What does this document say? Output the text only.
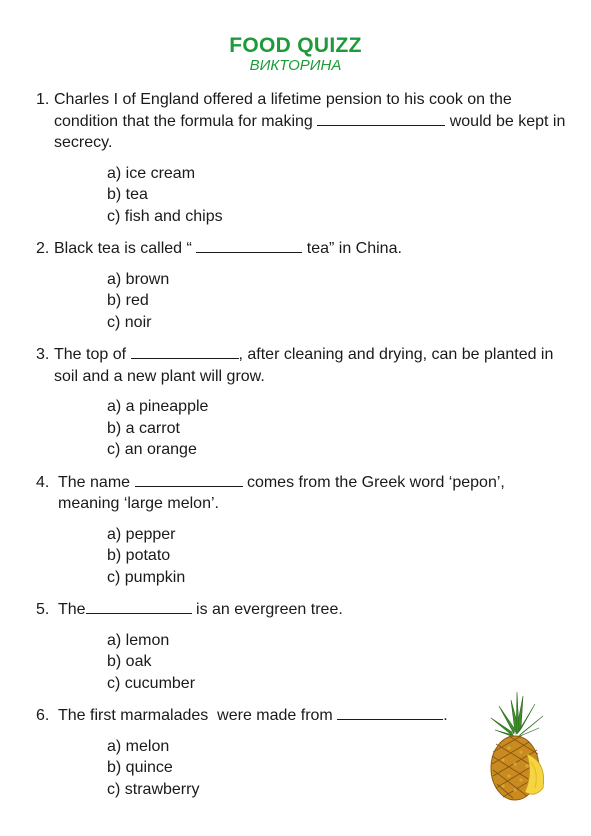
FOOD QUIZZ
ВИКТОРИНА
1. Charles I of England offered a lifetime pension to his cook on the condition that the formula for making	would be kept in secrecy.
a) ice cream
b) tea
c) fish and chips
2. Black tea is called “	tea” in China.
a) brown
b) red
c) noir
3. The top of	, after cleaning and drying, can be planted in soil and a new plant will grow.
a) a pineapple
b) a carrot
c) an orange
4. The name	comes from the Greek word ‘pepon’, meaning ‘large melon’.
a) pepper
b) potato
c) pumpkin
5. The	is an evergreen tree.
a) lemon
b) oak
c) cucumber
6. The first marmalades  were made from	.
a) melon
b) quince
c) strawberry
